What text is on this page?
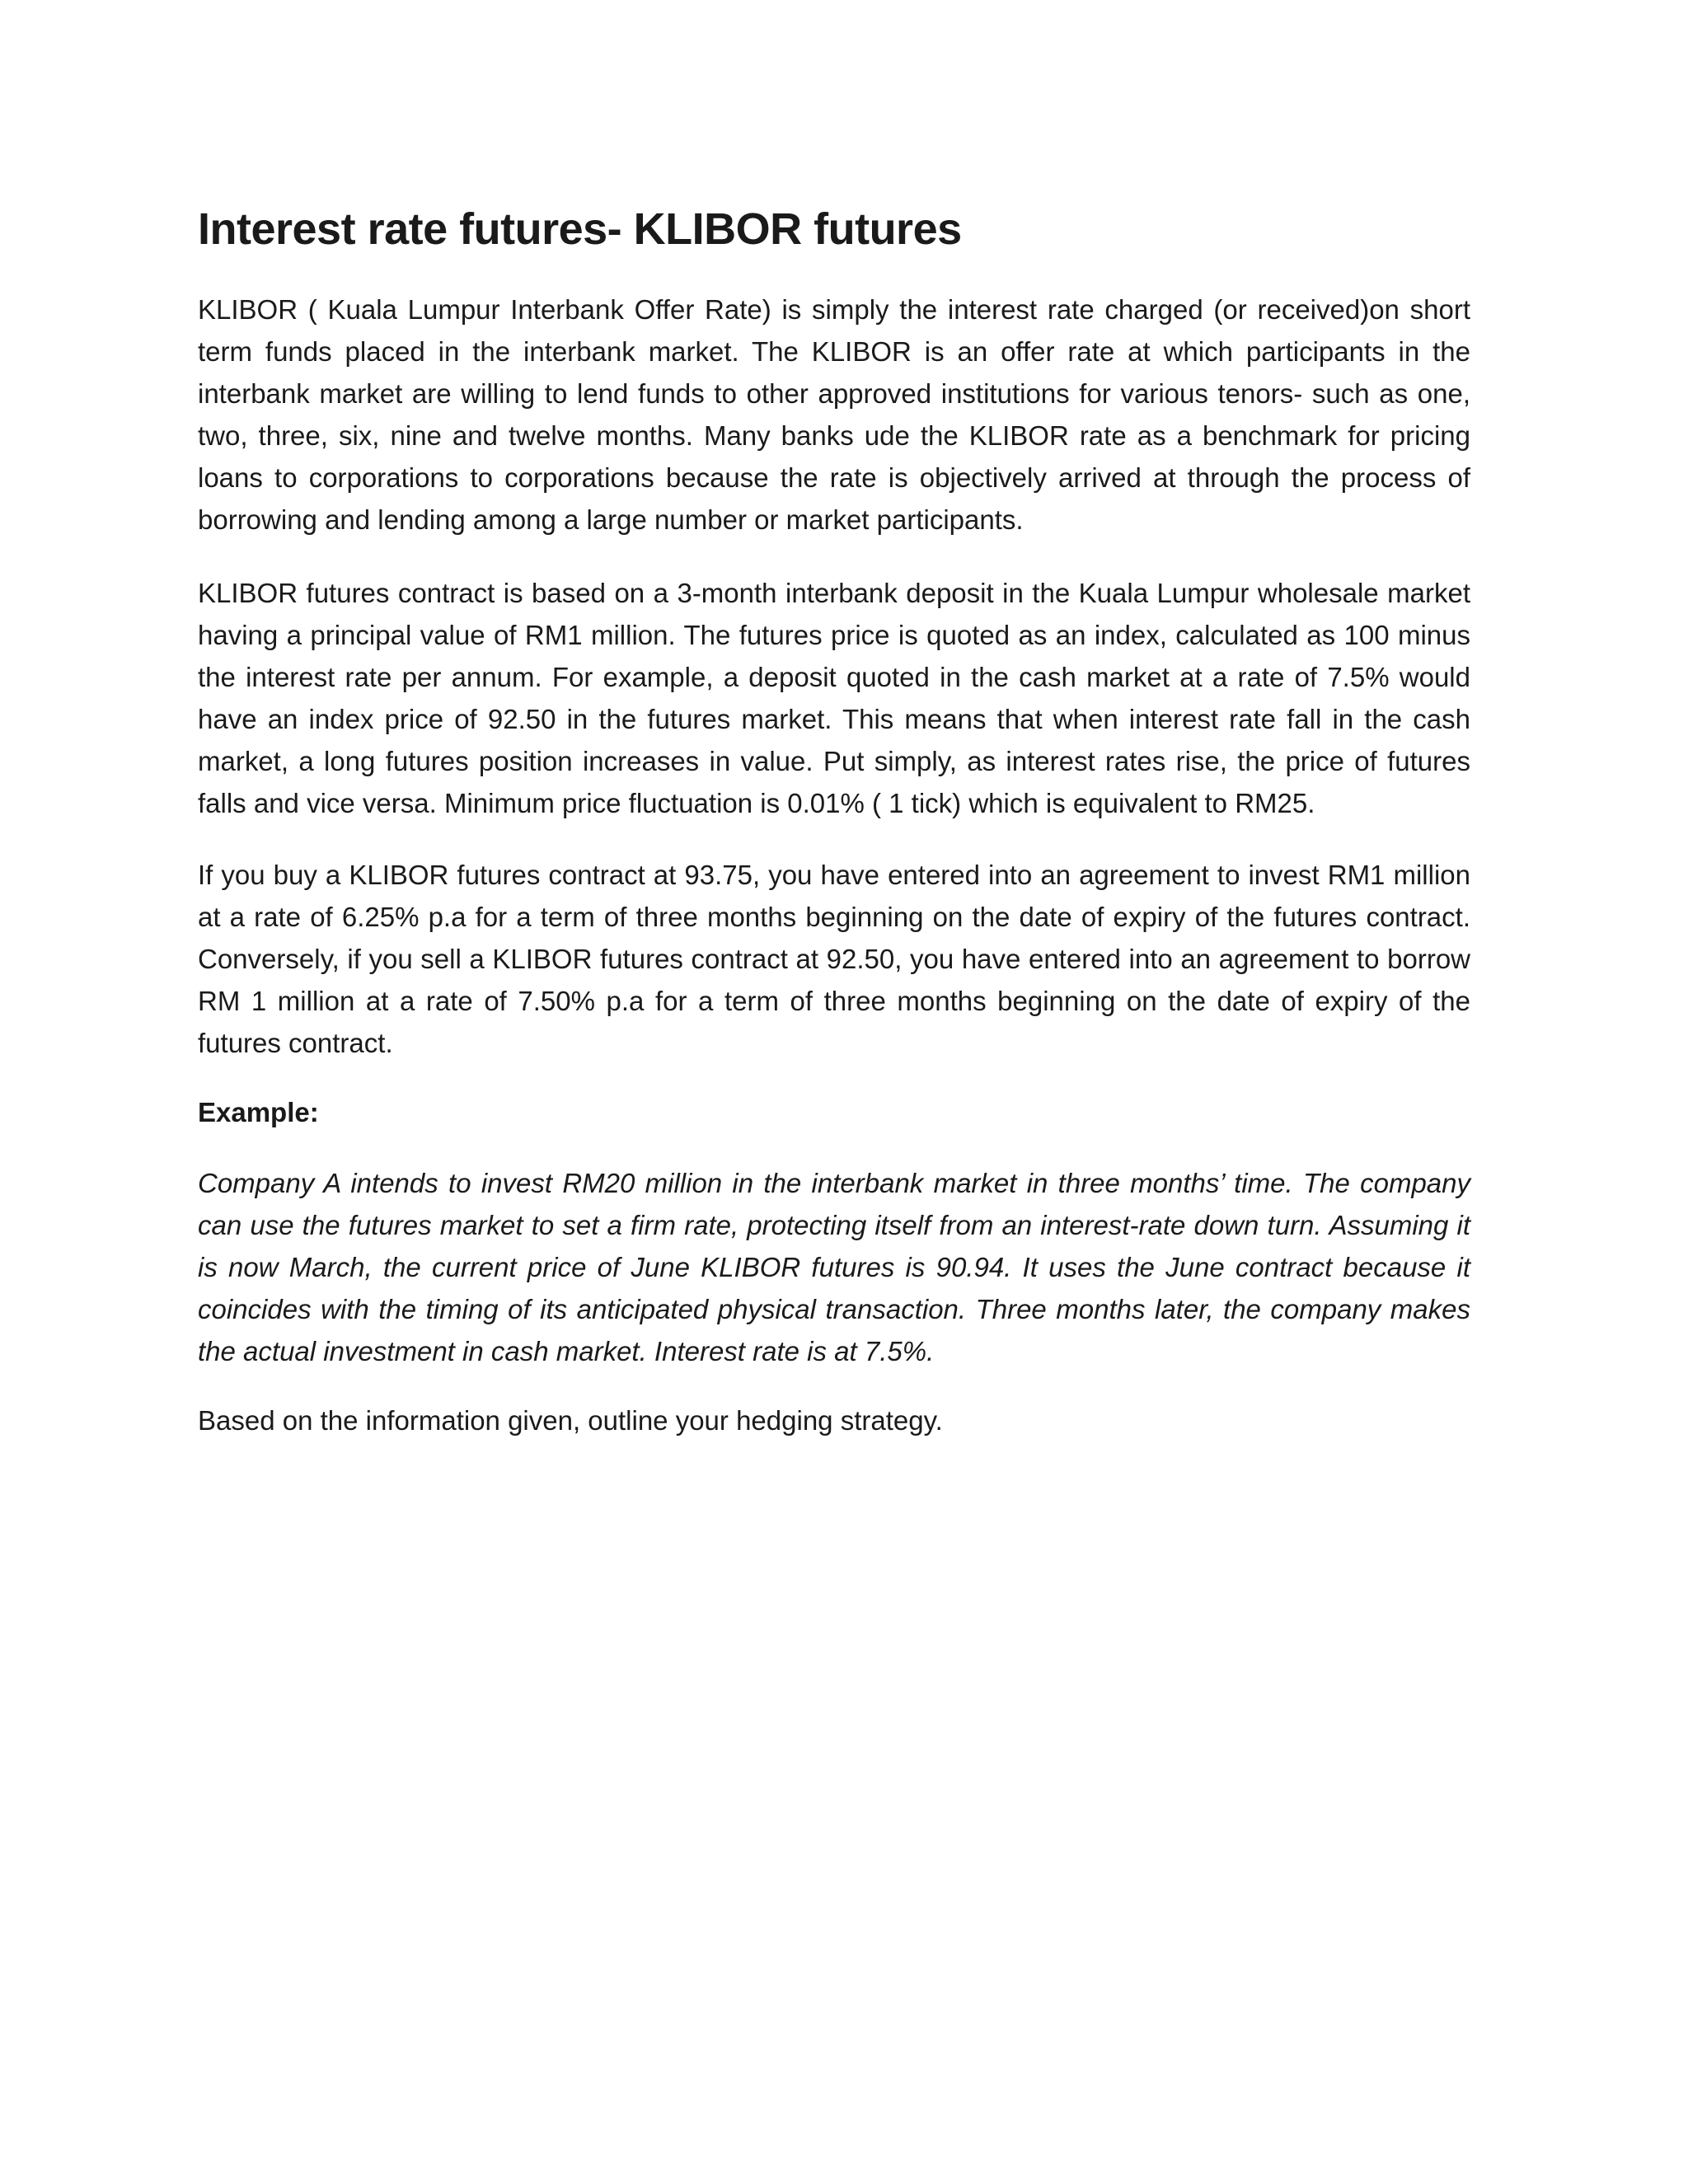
Interest rate futures- KLIBOR futures

KLIBOR ( Kuala Lumpur Interbank Offer Rate) is simply the interest rate charged (or received)on short term funds placed in the interbank market. The KLIBOR is an offer rate at which participants in the interbank market are willing to lend funds to other approved institutions for various tenors- such as one, two, three, six, nine and twelve months. Many banks ude the KLIBOR rate as a benchmark for pricing loans to corporations to corporations because the rate is objectively arrived at through the process of borrowing and lending among a large number or market participants.

KLIBOR futures contract is based on a 3-month interbank deposit in the Kuala Lumpur wholesale market having a principal value of RM1 million. The futures price is quoted as an index, calculated as 100 minus the interest rate per annum. For example, a deposit quoted in the cash market at a rate of 7.5% would have an index price of 92.50 in the futures market. This means that when interest rate fall in the cash market, a long futures position increases in value. Put simply, as interest rates rise, the price of futures falls and vice versa. Minimum price fluctuation is 0.01% ( 1 tick) which is equivalent to RM25.

If you buy a KLIBOR futures contract at 93.75, you have entered into an agreement to invest RM1 million at a rate of 6.25% p.a for a term of three months beginning on the date of expiry of the futures contract. Conversely, if you sell a KLIBOR futures contract at 92.50, you have entered into an agreement to borrow RM 1 million at a rate of 7.50% p.a for a term of three months beginning on the date of expiry of the futures contract.

Example:

Company A intends to invest RM20 million in the interbank market in three months’ time. The company can use the futures market to set a firm rate, protecting itself from an interest-rate down turn. Assuming it is now March, the current price of June KLIBOR futures is 90.94. It uses the June contract because it coincides with the timing of its anticipated physical transaction. Three months later, the company makes the actual investment in cash market. Interest rate is at 7.5%.

Based on the information given, outline your hedging strategy.
